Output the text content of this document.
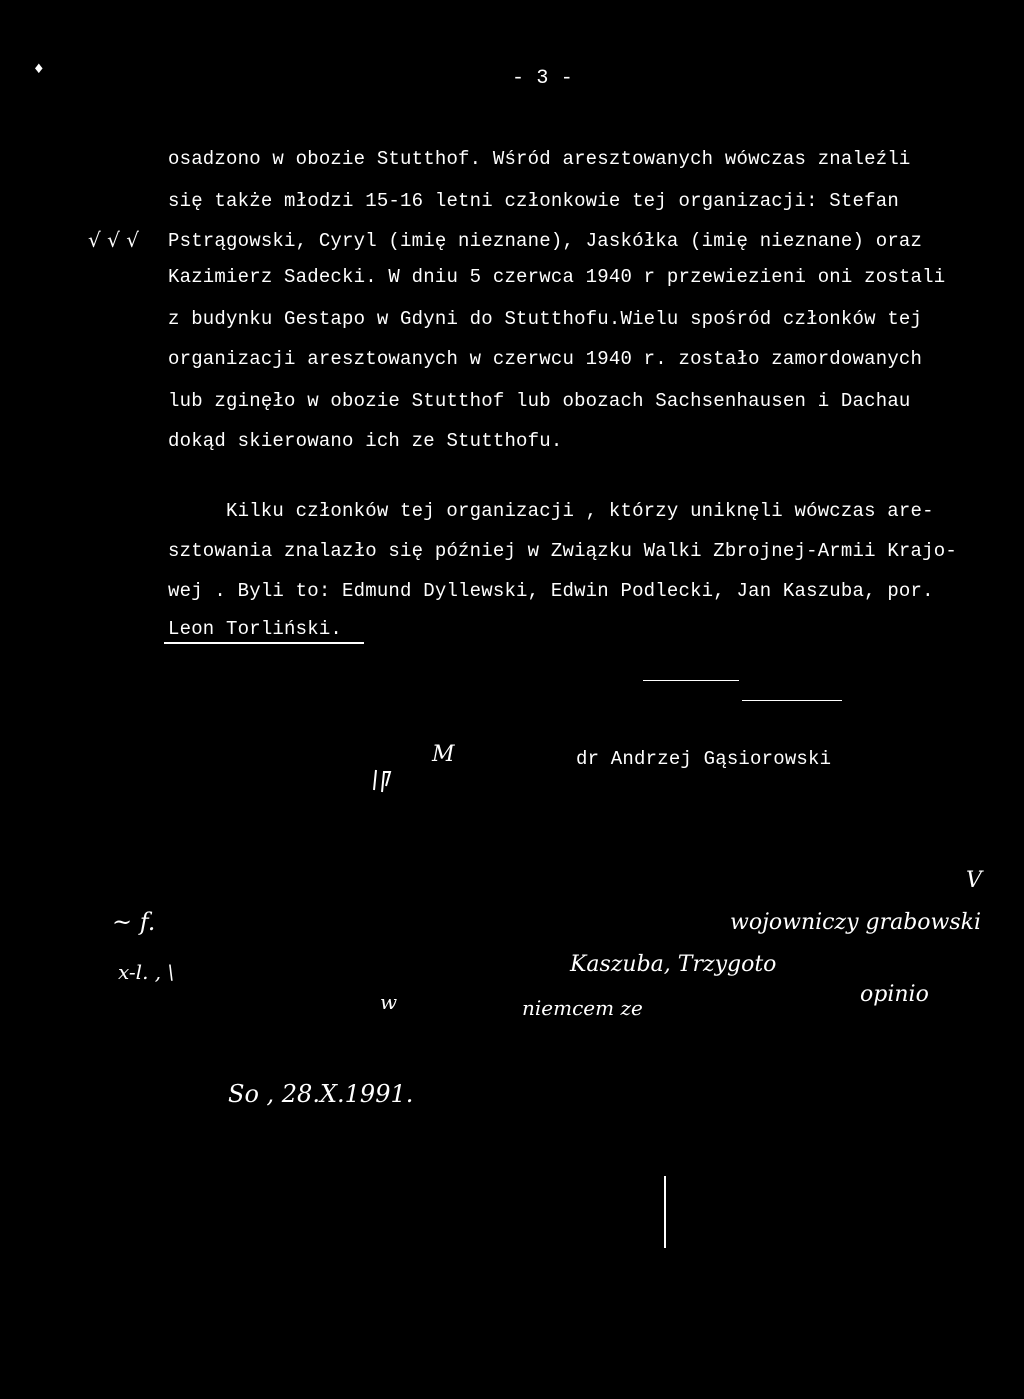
♦	- 3 -
√ √ √
osadzono w obozie Stutthof. Wśród aresztowanych wówczas znaleźli
się także młodzi 15-16 letni członkowie tej organizacji: Stefan
Pstrągowski, Cyryl (imię nieznane), Jaskółka (imię nieznane) oraz
Kazimierz Sadecki. W dniu 5 czerwca 1940 r przewiezieni oni zostali
z budynku Gestapo w Gdyni do Stutthofu.Wielu spośród członków tej
organizacji aresztowanych w czerwcu 1940 r. zostało zamordowanych
lub zginęło w obozie Stutthof lub obozach Sachsenhausen i Dachau
dokąd skierowano ich ze Stutthofu.
Kilku członków tej organizacji , którzy uniknęli wówczas are-
sztowania znalazło się później w Związku Walki Zbrojnej-Armii Krajo-
wej . Byli to: Edmund Dyllewski, Edwin Podlecki, Jan Kaszuba, por.
Leon Torliński.
M	dr Andrzej Gąsiorowski
V
~ f.
x-l. , \
w
wojowniczy grabowski
Kaszuba, Trzygoto
niemcem ze
opinio
So , 28.X.1991.
